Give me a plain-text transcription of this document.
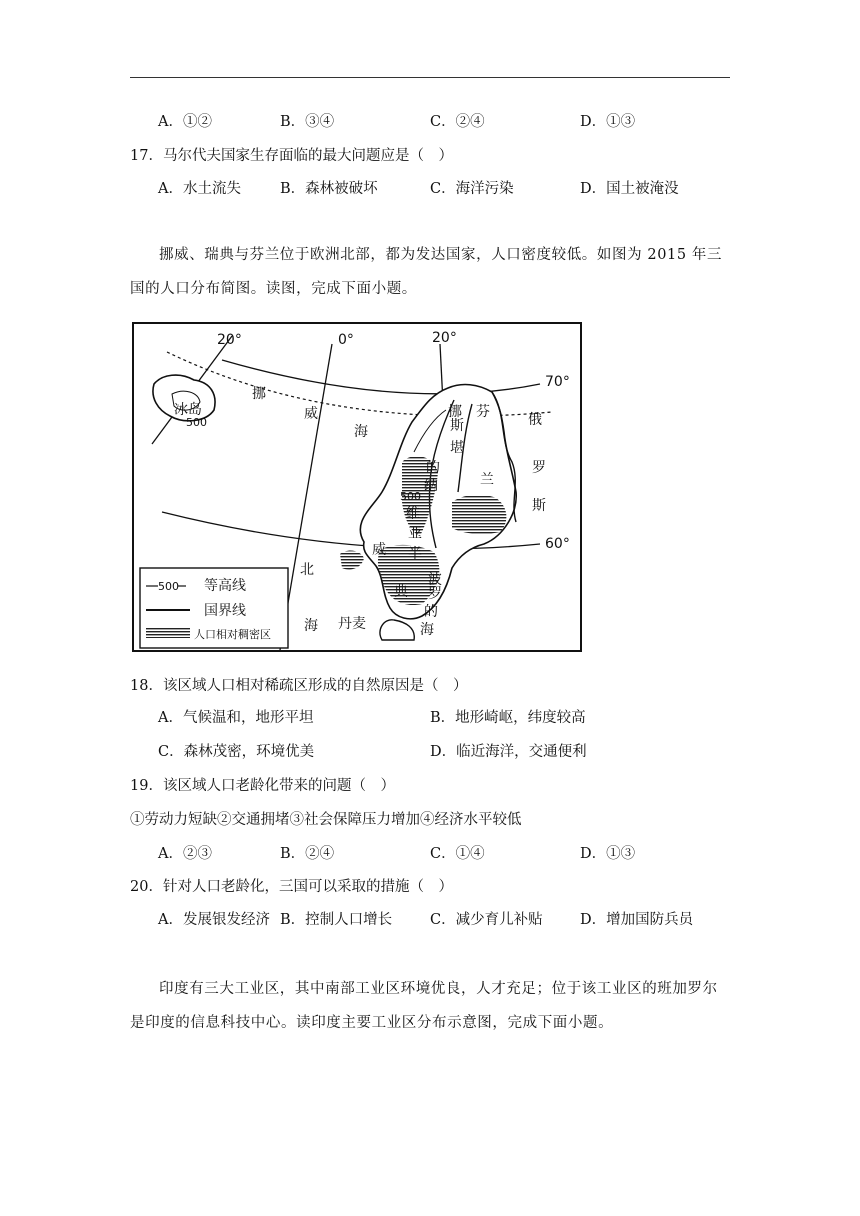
A．①②	B．③④	C．②④	D．①③
17．马尔代夫国家生存面临的最大问题应是（　）
A．水土流失	B．森林被破坏	C．海洋污染	D．国土被淹没
挪威、瑞典与芬兰位于欧洲北部，都为发达国家，人口密度较低。如图为 2015 年三国的人口分布简图。读图，完成下面小题。
20°	0°	20°
70°
60°
冰岛
500
挪
威
海
挪 芬
兰
俄
罗
斯
斯
堪
的
纳
500
维
亚
半
威
典
北
海
波
罗
的
海
丹麦
500 等高线
国界线
人口相对稠密区
18．该区域人口相对稀疏区形成的自然原因是（　）
A．气候温和，地形平坦	B．地形崎岖，纬度较高
C．森林茂密，环境优美	D．临近海洋，交通便利
19．该区域人口老龄化带来的问题（　）
①劳动力短缺②交通拥堵③社会保障压力增加④经济水平较低
A．②③	B．②④	C．①④	D．①③
20．针对人口老龄化，三国可以采取的措施（　）
A．发展银发经济 B．控制人口增长	C．减少育儿补贴	D．增加国防兵员
印度有三大工业区，其中南部工业区环境优良，人才充足；位于该工业区的班加罗尔是印度的信息科技中心。读印度主要工业区分布示意图，完成下面小题。
